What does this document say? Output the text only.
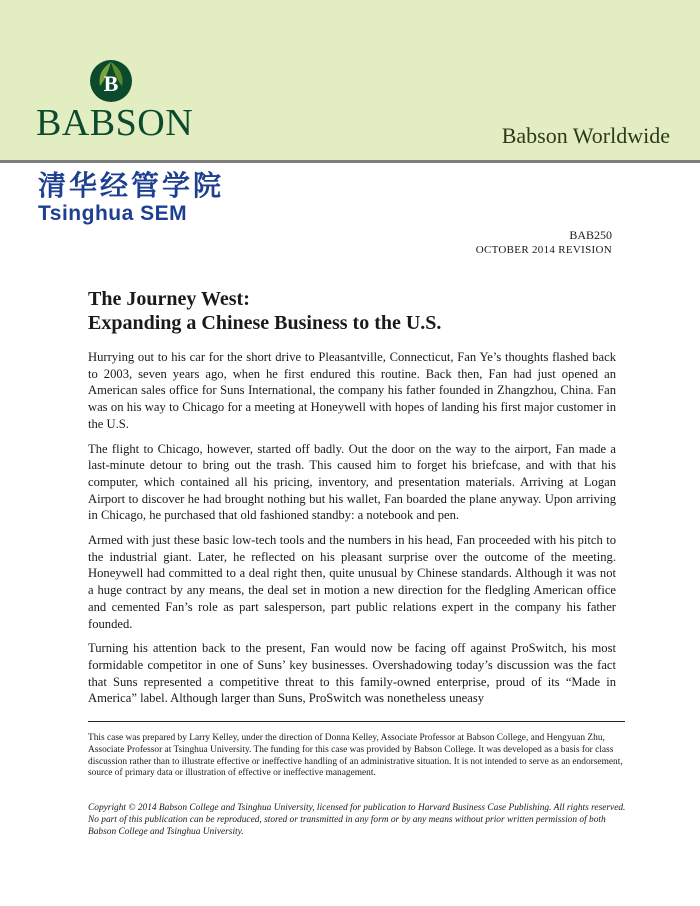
B
BABSON	Babson Worldwide
清华经管学院
Tsinghua SEM
BAB250
OCTOBER 2014 REVISION
The Journey West:
Expanding a Chinese Business to the U.S.

Hurrying out to his car for the short drive to Pleasantville, Connecticut, Fan Ye’s thoughts flashed back to 2003, seven years ago, when he first endured this routine. Back then, Fan had just opened an American sales office for Suns International, the company his father founded in Zhangzhou, China. Fan was on his way to Chicago for a meeting at Honeywell with hopes of landing his first major customer in the U.S.

The flight to Chicago, however, started off badly. Out the door on the way to the airport, Fan made a last-minute detour to bring out the trash. This caused him to forget his briefcase, and with that his computer, which contained all his pricing, inventory, and presentation materials. Arriving at Logan Airport to discover he had brought nothing but his wallet, Fan boarded the plane anyway. Upon arriving in Chicago, he purchased that old fashioned standby: a notebook and pen.

Armed with just these basic low-tech tools and the numbers in his head, Fan proceeded with his pitch to the industrial giant. Later, he reflected on his pleasant surprise over the outcome of the meeting. Honeywell had committed to a deal right then, quite unusual by Chinese standards. Although it was not a huge contract by any means, the deal set in motion a new direction for the fledgling American office and cemented Fan’s role as part salesperson, part public relations expert in the company his father founded.

Turning his attention back to the present, Fan would now be facing off against ProSwitch, his most formidable competitor in one of Suns’ key businesses. Overshadowing today’s discussion was the fact that Suns represented a competitive threat to this family-owned enterprise, proud of its “Made in America” label. Although larger than Suns, ProSwitch was nonetheless uneasy

This case was prepared by Larry Kelley, under the direction of Donna Kelley, Associate Professor at Babson College, and Hengyuan Zhu, Associate Professor at Tsinghua University. The funding for this case was provided by Babson College. It was developed as a basis for class discussion rather than to illustrate effective or ineffective handling of an administrative situation. It is not intended to serve as an endorsement, source of primary data or illustration of effective or ineffective management.
Copyright © 2014 Babson College and Tsinghua University, licensed for publication to Harvard Business Case Publishing. All rights reserved. No part of this publication can be reproduced, stored or transmitted in any form or by any means without prior written permission of both Babson College and Tsinghua University.
